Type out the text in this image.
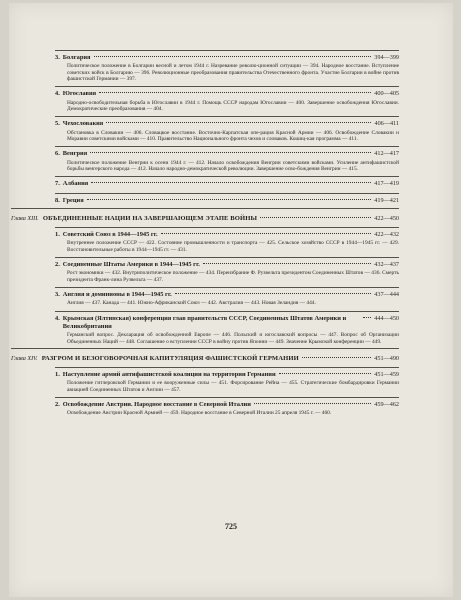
3. Болгария	394—399
Политическое положение в Болгарии весной и летом 1944 г. Назревание револю-ционной ситуации — 394. Народное восстание. Вступление советских войск в Болгарию — 396. Революционные преобразования правительства Отечественного фронта. Участие Болгарии в войне против фашистской Германии — 397.
4. Югославия	400—405
Народно-освободительная борьба в Югославии в 1944 г. Помощь СССР народам Югославии — 400. Завершение освобождения Югославии. Демократические преобразования — 404.
5. Чехословакия	406—411
Обстановка в Словакии — 406. Словацкое восстание. Восточно-Карпатская опе-рация Красной Армии — 406. Освобождение Словакии и Моравии советскими войсками — 410. Правительство Национального фронта чехов и словаков. Кошиц-кая программа — 411.
6. Венгрия	412—417
Политическое положение Венгрии к осени 1944 г. — 412. Начало освобождения Венгрии советскими войсками. Усиление антифашистской борьбы венгерского народа — 412. Начало народно-демократической революции. Завершение осво-бождения Венгрии — 415.
7. Албания	417—419
8. Греция	419—421
Глава XIII. ОБЪЕДИНЕННЫЕ НАЦИИ НА ЗАВЕРШАЮЩЕМ ЭТАПЕ ВОЙНЫ	422—450
1. Советский Союз в 1944—1945 гг.	422—432
Внутреннее положение СССР — 422. Состояние промышленности и транспорта — 425. Сельское хозяйство СССР в 1944—1945 гг. — 429. Восстановительные работы в 1944—1945 гг. — 431.
2. Соединенные Штаты Америки в 1944—1945 гг.	432—437
Рост экономики — 432. Внутриполитическое положение — 434. Переизбрание Ф. Рузвельта президентом Соединенных Штатов — 436. Смерть президента Франк-лина Рузвельта — 437.
3. Англия и доминионы в 1944—1945 гг.	437—444
Англия — 437. Канада — 441. Южно-Африканский Союз — 442. Австралия — 443. Новая Зеландия — 444.
4. Крымская (Ялтинская) конференция глав правительств СССР, Соединенных Штатов Америки и Великобритании
444—450
Германский вопрос. Декларация об освобожденной Европе — 446. Польский и югославский вопросы — 447. Вопрос об Организации Объединенных Наций — 448. Соглашение о вступлении СССР в войну против Японии — 449. Значение Крымской конференции — 449.
Глава XIV. РАЗГРОМ И БЕЗОГОВОРОЧНАЯ КАПИТУЛЯЦИЯ ФАШИСТСКОЙ ГЕРМАНИИ	451—490
1. Наступление армий антифашистской коалиции на территории Германии	451—459
Положение гитлеровской Германии и ее вооруженные силы — 451. Форсирование Рейна — 455. Стратегические бомбардировки Германии авиацией Соединенных Штатов и Англии — 457.
2. Освобождение Австрии. Народное восстание в Северной Италии	459—462
Освобождение Австрии Красной Армией — 459. Народное восстание в Северной Италии 25 апреля 1945 г. — 460.
725
